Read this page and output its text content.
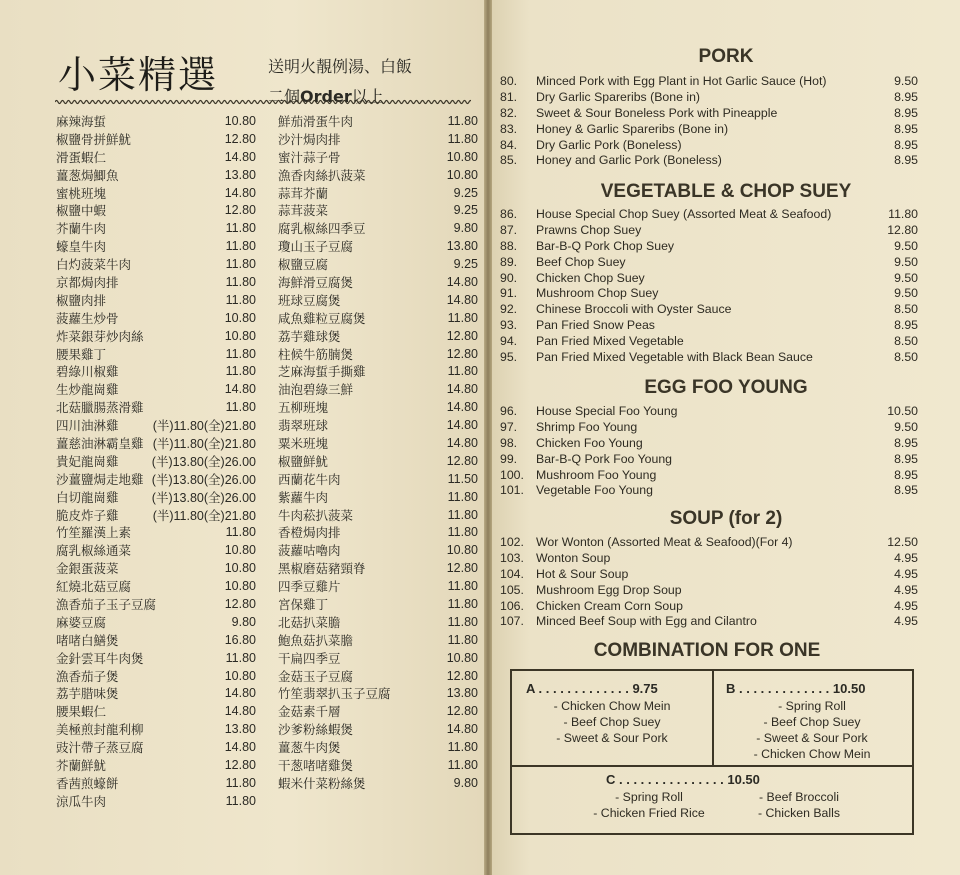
小菜精選	送明火靚例湯、白飯
二個Order以上
麻辣海蜇	10.80
椒鹽骨拼鮮魷	12.80
滑蛋蝦仁	14.80
薑葱焗鯽魚	13.80
蜜桃班塊	14.80
椒鹽中蝦	12.80
芥蘭牛肉	11.80
蠔皇牛肉	11.80
白灼菠菜牛肉	11.80
京都焗肉排	11.80
椒鹽肉排	11.80
菠蘿生炒骨	10.80
炸菜銀芽炒肉絲	10.80
腰果雞丁	11.80
碧綠川椒雞	11.80
生炒龍崗雞	14.80
北菇臘腸蒸滑雞	11.80
四川油淋雞	(半)11.80(全)21.80
薑慈油淋霸皇雞 (半)11.80(全)21.80
貴妃龍崗雞	(半)13.80(全)26.00
沙薑鹽焗走地雞 (半)13.80(全)26.00
白切龍崗雞	(半)13.80(全)26.00
脆皮炸子雞	(半)11.80(全)21.80
竹笙羅漢上素	11.80
腐乳椒絲通菜	10.80
金銀蛋菠菜	10.80
紅燒北菇豆腐	10.80
漁香茄子玉子豆腐	12.80
麻婆豆腐	9.80
啫啫白鱔煲	16.80
金針雲耳牛肉煲	11.80
漁香茄子煲	10.80
荔芋腊味煲	14.80
腰果蝦仁	14.80
美極煎封龍利柳	13.80
豉汁帶子蒸豆腐	14.80
芥蘭鮮魷	12.80
香茜煎蠔餅	11.80
涼瓜牛肉	11.80
鮮茄滑蛋牛肉	11.80
沙汁焗肉排	11.80
蜜汁蒜子骨	10.80
漁香肉絲扒菠菜	10.80
蒜茸芥蘭	9.25
蒜茸菠菜	9.25
腐乳椒絲四季豆	9.80
瓊山玉子豆腐	13.80
椒鹽豆腐	9.25
海鮮滑豆腐煲	14.80
班球豆腐煲	14.80
咸魚雞粒豆腐煲	11.80
荔芋雞球煲	12.80
柱候牛筋腩煲	12.80
芝麻海蜇手撕雞	11.80
油泡碧綠三鮮	14.80
五柳班塊	14.80
翡翠班球	14.80
粟米班塊	14.80
椒鹽鮮魷	12.80
西蘭花牛肉	11.50
紫蘿牛肉	11.80
牛肉菘扒菠菜	11.80
香橙焗肉排	11.80
菠蘿咕嚕肉	10.80
黑椒磨菇豬頸脊	12.80
四季豆雞片	11.80
宮保雞丁	11.80
北菇扒菜膽	11.80
鮑魚菇扒菜膽	11.80
干扁四季豆	10.80
金菇玉子豆腐	12.80
竹笙翡翠扒玉子豆腐	13.80
金菇素千層	12.80
沙爹粉絲蝦煲	14.80
薑葱牛肉煲	11.80
干葱啫啫雞煲	11.80
蝦米什菜粉絲煲	9.80
PORK
80.	Minced Pork with Egg Plant in Hot Garlic Sauce (Hot)	9.50
81.	Dry Garlic Spareribs (Bone in)	8.95
82.	Sweet & Sour Boneless Pork with Pineapple	8.95
83.	Honey & Garlic Spareribs (Bone in)	8.95
84.	Dry Garlic Pork (Boneless)	8.95
85.	Honey and Garlic Pork (Boneless)	8.95
VEGETABLE & CHOP SUEY
86.	House Special Chop Suey (Assorted Meat & Seafood)	11.80
87.	Prawns Chop Suey	12.80
88.	Bar-B-Q Pork Chop Suey	9.50
89.	Beef Chop Suey	9.50
90.	Chicken Chop Suey	9.50
91.	Mushroom Chop Suey	9.50
92.	Chinese Broccoli with Oyster Sauce	8.50
93.	Pan Fried Snow Peas	8.95
94.	Pan Fried Mixed Vegetable	8.50
95.	Pan Fried Mixed Vegetable with Black Bean Sauce	8.50
EGG FOO YOUNG
96.	House Special Foo Young	10.50
97.	Shrimp Foo Young	9.50
98.	Chicken Foo Young	8.95
99.	Bar-B-Q Pork Foo Young	8.95
100. Mushroom Foo Young	8.95
101. Vegetable Foo Young	8.95
SOUP (for 2)
102. Wor Wonton (Assorted Meat & Seafood)(For 4)	12.50
103. Wonton Soup	4.95
104. Hot & Sour Soup	4.95
105. Mushroom Egg Drop Soup	4.95
106. Chicken Cream Corn Soup	4.95
107. Minced Beef Soup with Egg and Cilantro	4.95
COMBINATION FOR ONE
A . . . . . . . . . . . . . 9.75
- Chicken Chow Mein
- Beef Chop Suey
- Sweet & Sour Pork
B . . . . . . . . . . . . . 10.50
- Spring Roll
- Beef Chop Suey
- Sweet & Sour Pork
- Chicken Chow Mein
C . . . . . . . . . . . . . . . 10.50
- Spring Roll
- Chicken Fried Rice
- Beef Broccoli
- Chicken Balls
